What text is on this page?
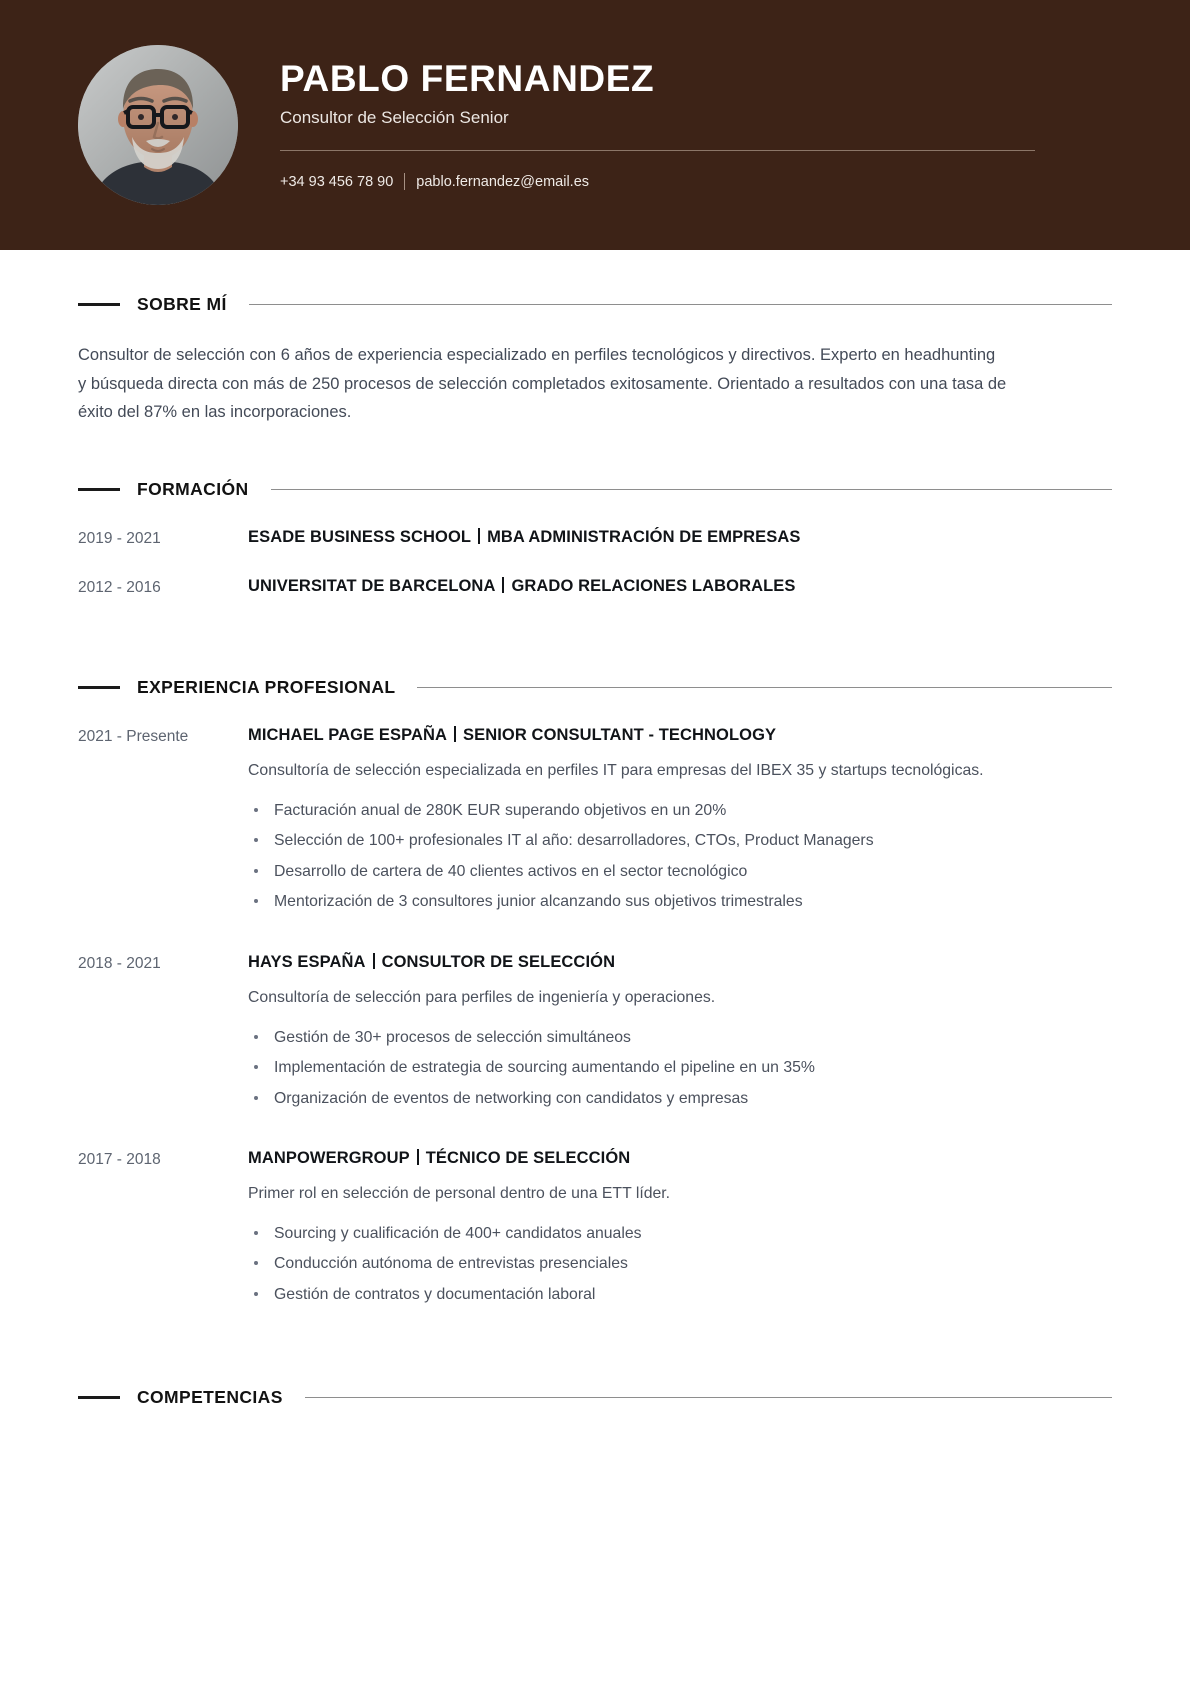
PABLO FERNANDEZ
Consultor de Selección Senior
+34 93 456 78 90 pablo.fernandez@email.es
SOBRE MÍ

Consultor de selección con 6 años de experiencia especializado en perfiles tecnológicos y directivos. Experto en headhunting y búsqueda directa con más de 250 procesos de selección completados exitosamente. Orientado a resultados con una tasa de éxito del 87% en las incorporaciones.

FORMACIÓN
2019 - 2021	ESADE BUSINESS SCHOOL MBA ADMINISTRACIÓN DE EMPRESAS
2012 - 2016	UNIVERSITAT DE BARCELONA GRADO RELACIONES LABORALES
EXPERIENCIA PROFESIONAL
2021 - Presente	MICHAEL PAGE ESPAÑA SENIOR CONSULTANT - TECHNOLOGY
Consultoría de selección especializada en perfiles IT para empresas del IBEX 35 y startups tecnológicas.
Facturación anual de 280K EUR superando objetivos en un 20%
Selección de 100+ profesionales IT al año: desarrolladores, CTOs, Product Managers
Desarrollo de cartera de 40 clientes activos en el sector tecnológico
Mentorización de 3 consultores junior alcanzando sus objetivos trimestrales
2018 - 2021	HAYS ESPAÑA CONSULTOR DE SELECCIÓN
Consultoría de selección para perfiles de ingeniería y operaciones.
Gestión de 30+ procesos de selección simultáneos
Implementación de estrategia de sourcing aumentando el pipeline en un 35%
Organización de eventos de networking con candidatos y empresas
2017 - 2018	MANPOWERGROUP TÉCNICO DE SELECCIÓN
Primer rol en selección de personal dentro de una ETT líder.
Sourcing y cualificación de 400+ candidatos anuales
Conducción autónoma de entrevistas presenciales
Gestión de contratos y documentación laboral
COMPETENCIAS
